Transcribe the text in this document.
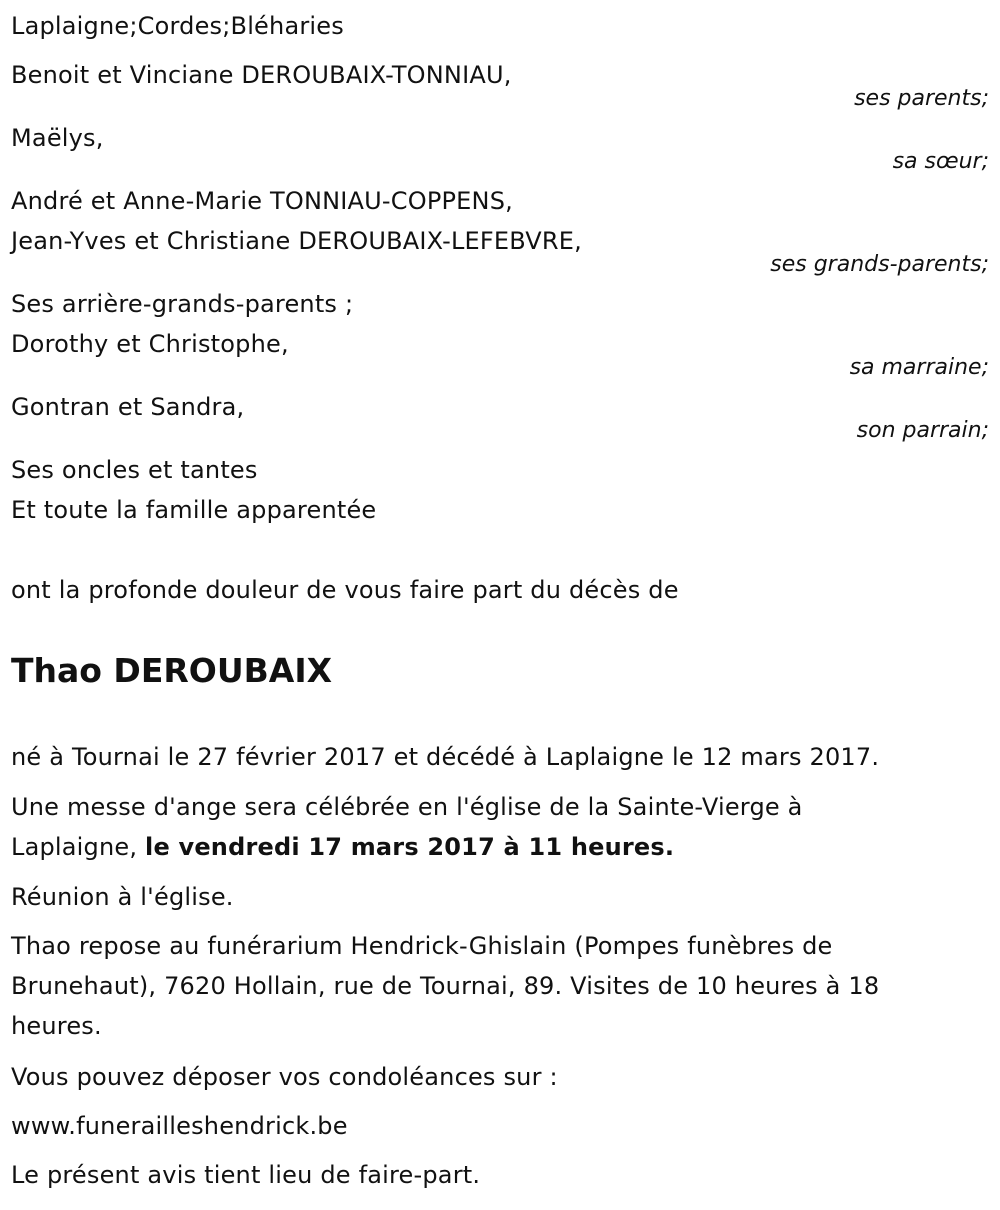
Laplaigne;Cordes;Bléharies
Benoit et Vinciane DEROUBAIX-TONNIAU,
ses parents;
Maëlys,
sa sœur;
André et Anne-Marie TONNIAU-COPPENS,
Jean-Yves et Christiane DEROUBAIX-LEFEBVRE,
ses grands-parents;
Ses arrière-grands-parents ;
Dorothy et Christophe,
sa marraine;
Gontran et Sandra,
son parrain;
Ses oncles et tantes
Et toute la famille apparentée
ont la profonde douleur de vous faire part du décès de
Thao DEROUBAIX
né à Tournai le 27 février 2017 et décédé à Laplaigne le 12 mars 2017.
Une messe d'ange sera célébrée en l'église de la Sainte-Vierge à
Laplaigne, le vendredi 17 mars 2017 à 11 heures.
Réunion à l'église.
Thao repose au funérarium Hendrick-Ghislain (Pompes funèbres de
Brunehaut), 7620 Hollain, rue de Tournai, 89. Visites de 10 heures à 18
heures.
Vous pouvez déposer vos condoléances sur :
www.funerailleshendrick.be
Le présent avis tient lieu de faire-part.
